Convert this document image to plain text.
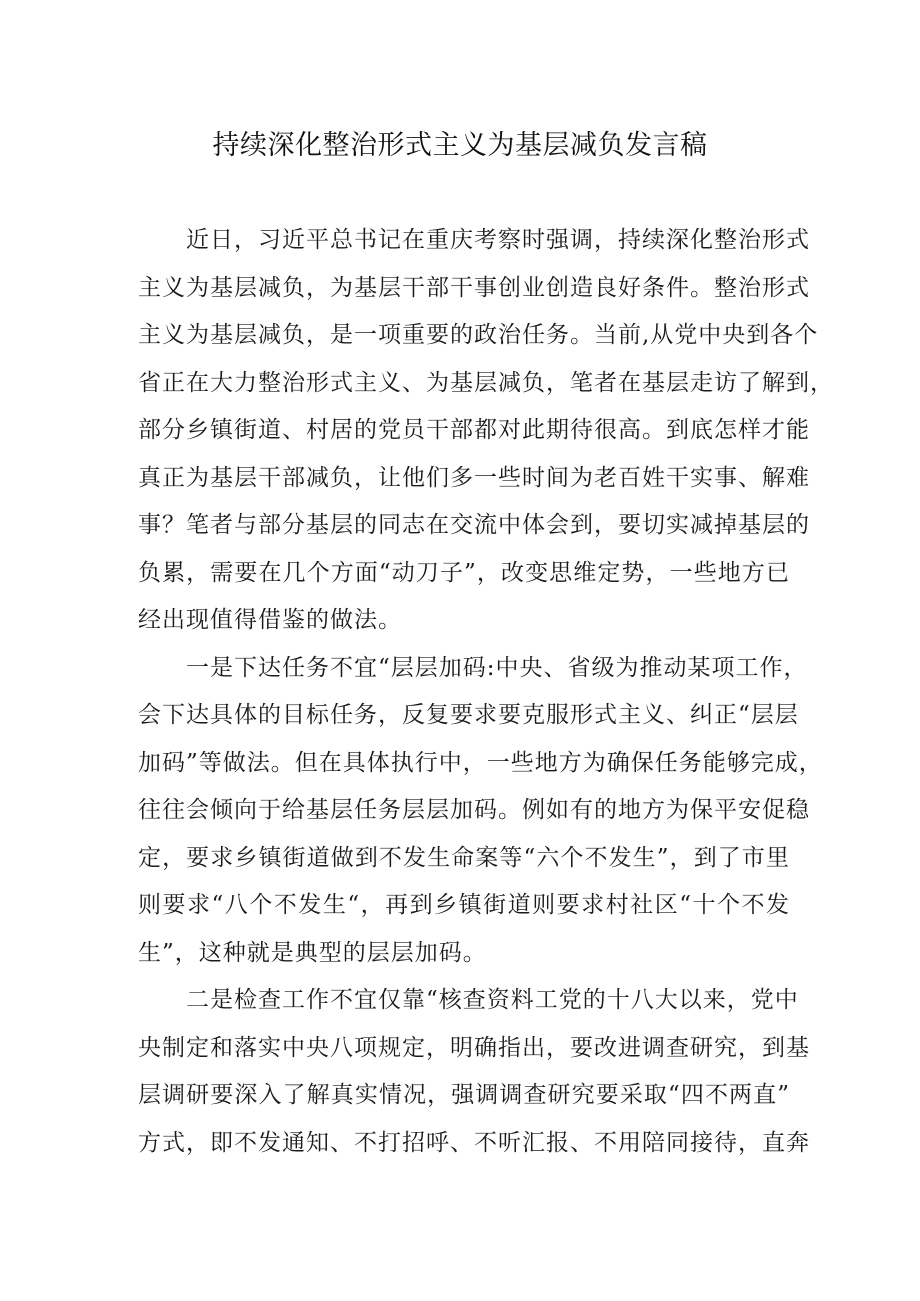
持续深化整治形式主义为基层减负发言稿
近日，习近平总书记在重庆考察时强调，持续深化整治形式
主义为基层减负，为基层干部干事创业创造良好条件。整治形式
主义为基层减负，是一项重要的政治任务。当前,从党中央到各个
省正在大力整治形式主义、为基层减负，笔者在基层走访了解到，
部分乡镇街道、村居的党员干部都对此期待很高。到底怎样才能
真正为基层干部减负，让他们多一些时间为老百姓干实事、解难
事？笔者与部分基层的同志在交流中体会到，要切实减掉基层的
负累，需要在几个方面“动刀子”，改变思维定势，一些地方已
经出现值得借鉴的做法。
一是下达任务不宜“层层加码:中央、省级为推动某项工作，
会下达具体的目标任务，反复要求要克服形式主义、纠正“层层
加码”等做法。但在具体执行中，一些地方为确保任务能够完成，
往往会倾向于给基层任务层层加码。例如有的地方为保平安促稳
定，要求乡镇街道做到不发生命案等“六个不发生”，到了市里
则要求“八个不发生“，再到乡镇街道则要求村社区“十个不发
生”，这种就是典型的层层加码。
二是检查工作不宜仅靠“核查资料工党的十八大以来，党中
央制定和落实中央八项规定，明确指出，要改进调查研究，到基
层调研要深入了解真实情况，强调调查研究要采取“四不两直”
方式，即不发通知、不打招呼、不听汇报、不用陪同接待，直奔
